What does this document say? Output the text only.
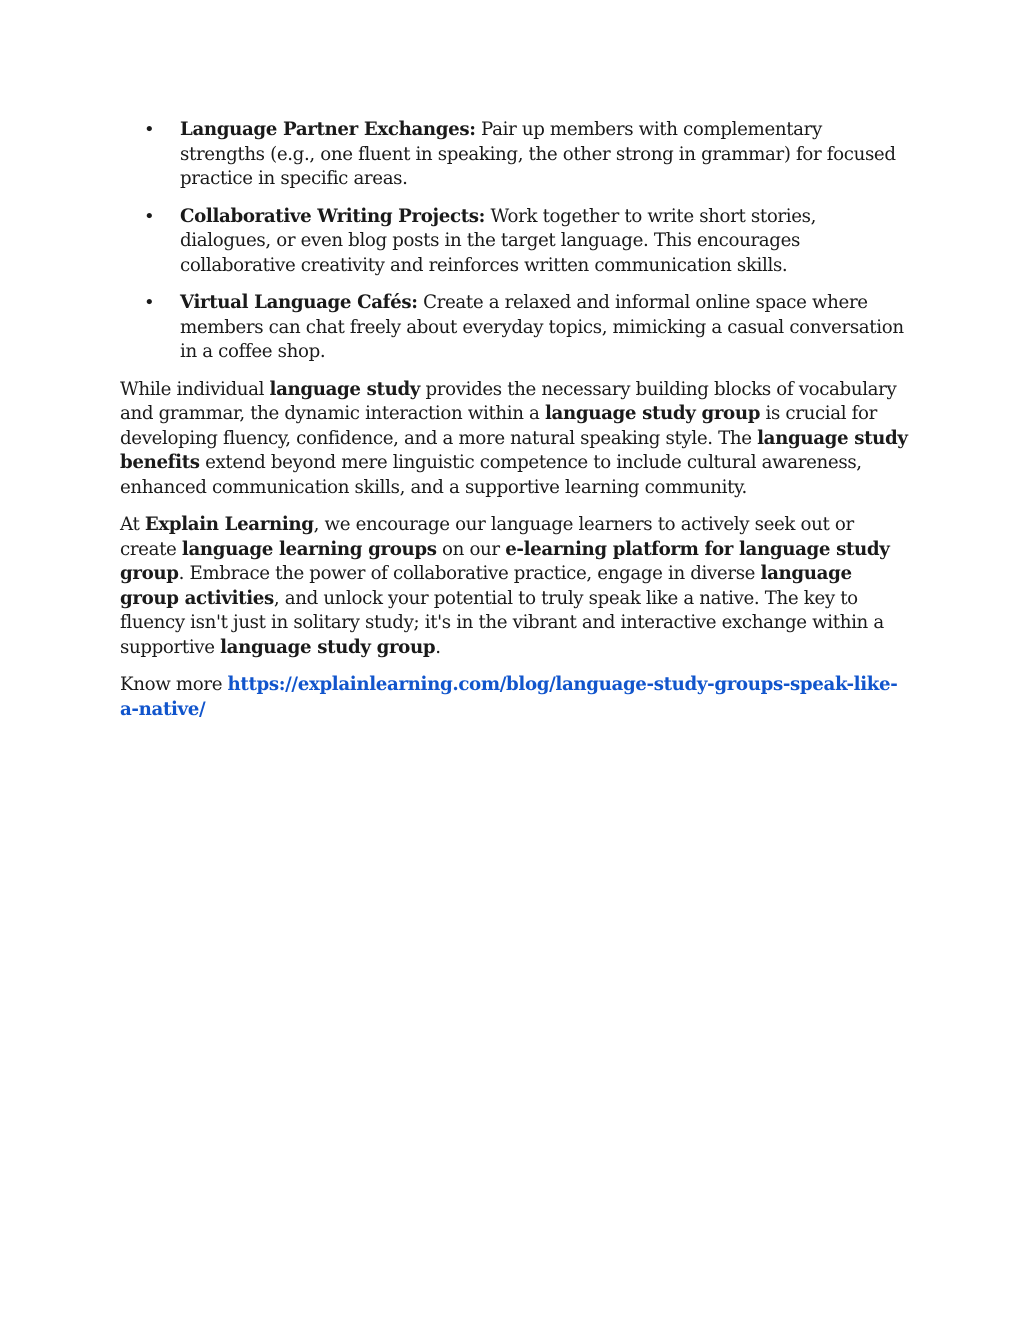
• Language Partner Exchanges: Pair up members with complementary strengths (e.g., one fluent in speaking, the other strong in grammar) for focused practice in specific areas.
• Collaborative Writing Projects: Work together to write short stories, dialogues, or even blog posts in the target language. This encourages collaborative creativity and reinforces written communication skills.
• Virtual Language Cafés: Create a relaxed and informal online space where members can chat freely about everyday topics, mimicking a casual conversation in a coffee shop.

While individual language study provides the necessary building blocks of vocabulary and grammar, the dynamic interaction within a language study group is crucial for developing fluency, confidence, and a more natural speaking style. The language study benefits extend beyond mere linguistic competence to include cultural awareness, enhanced communication skills, and a supportive learning community.

At Explain Learning, we encourage our language learners to actively seek out or create language learning groups on our e-learning platform for language study group. Embrace the power of collaborative practice, engage in diverse language group activities, and unlock your potential to truly speak like a native. The key to fluency isn't just in solitary study; it's in the vibrant and interactive exchange within a supportive language study group.

Know more https://explainlearning.com/blog/language-study-groups-speak-like-a-native/
